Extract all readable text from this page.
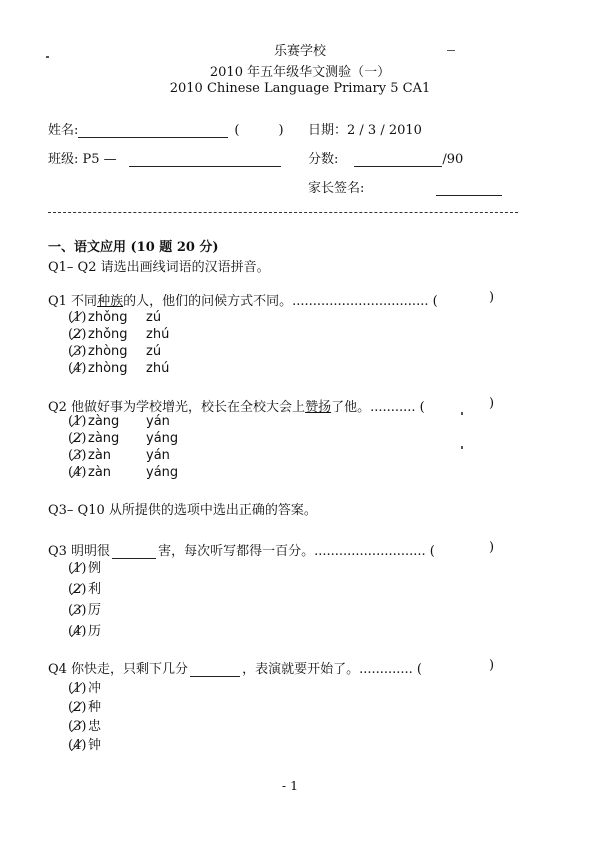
乐赛学校
2010 年五年级华文测验（一）
2010 Chinese Language Primary 5 CA1
姓名:	(　　　) 日期：2 / 3 / 2010
班级: P5 —	分数:	/90
家长签名:
一、语文应用 (10 题 20 分)
Q1– Q2 请选出画线词语的汉语拼音。
Q1 不同种族的人，他们的问候方式不同。................................. (	)
(1) zhǒng zú
(2) zhǒng zhú
(3) zhòng zú
(4) zhòng zhú
Q2 他做好事为学校增光，校长在全校大会上赞扬了他。........... (	)
(1) zàng yán
(2) zàng yáng
(3) zàn	yán
(4) zàn	yáng
Q3– Q10 从所提供的选项中选出正确的答案。
Q3 明明很	害，每次听写都得一百分。........................... (	)
(1) 例
(2) 利
(3) 厉
(4) 历
Q4 你快走，只剩下几分	，表演就要开始了。............. (	)
(1) 冲
(2) 种
(3) 忠
(4) 钟
- 1
